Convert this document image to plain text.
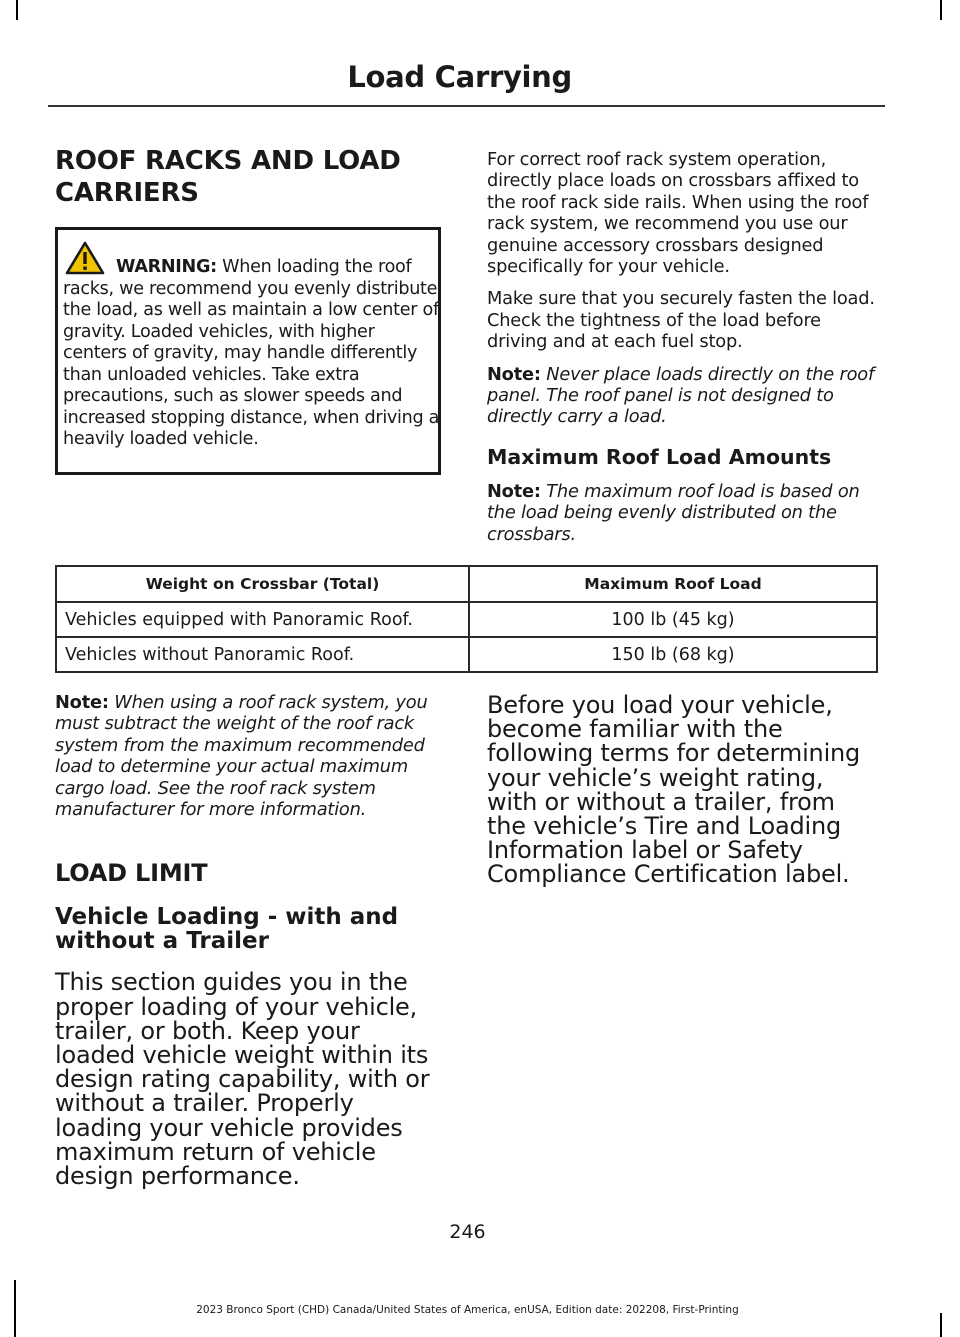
Load Carrying

ROOF RACKS AND LOAD

CARRIERS

WARNING: When loading the roof racks, we recommend you evenly distribute the load, as well as maintain a low center of gravity. Loaded vehicles, with higher centers of gravity, may handle differently than unloaded vehicles. Take extra precautions, such as slower speeds and increased stopping distance, when driving a heavily loaded vehicle.

For correct roof rack system operation, directly place loads on crossbars affixed to the roof rack side rails. When using the roof rack system, we recommend you use our genuine accessory crossbars designed specifically for your vehicle.

Make sure that you securely fasten the load. Check the tightness of the load before driving and at each fuel stop.

Note: Never place loads directly on the roof panel. The roof panel is not designed to directly carry a load.

Maximum Roof Load Amounts

Note: The maximum roof load is based on the load being evenly distributed on the crossbars.

Weight on Crossbar (Total)	Maximum Roof Load
Vehicles equipped with Panoramic Roof.	100 lb (45 kg)
Vehicles without Panoramic Roof.	150 lb (68 kg)

Note: When using a roof rack system, you must subtract the weight of the roof rack system from the maximum recommended load to determine your actual maximum cargo load. See the roof rack system manufacturer for more information.

LOAD LIMIT

Vehicle Loading - with and without a Trailer

This section guides you in the proper loading of your vehicle, trailer, or both. Keep your loaded vehicle weight within its design rating capability, with or without a trailer. Properly loading your vehicle provides maximum return of vehicle design performance.

Before you load your vehicle, become familiar with the following terms for determining your vehicle’s weight rating, with or without a trailer, from the vehicle’s Tire and Loading Information label or Safety Compliance Certification label.

246
2023 Bronco Sport (CHD) Canada/United States of America, enUSA, Edition date: 202208, First-Printing
